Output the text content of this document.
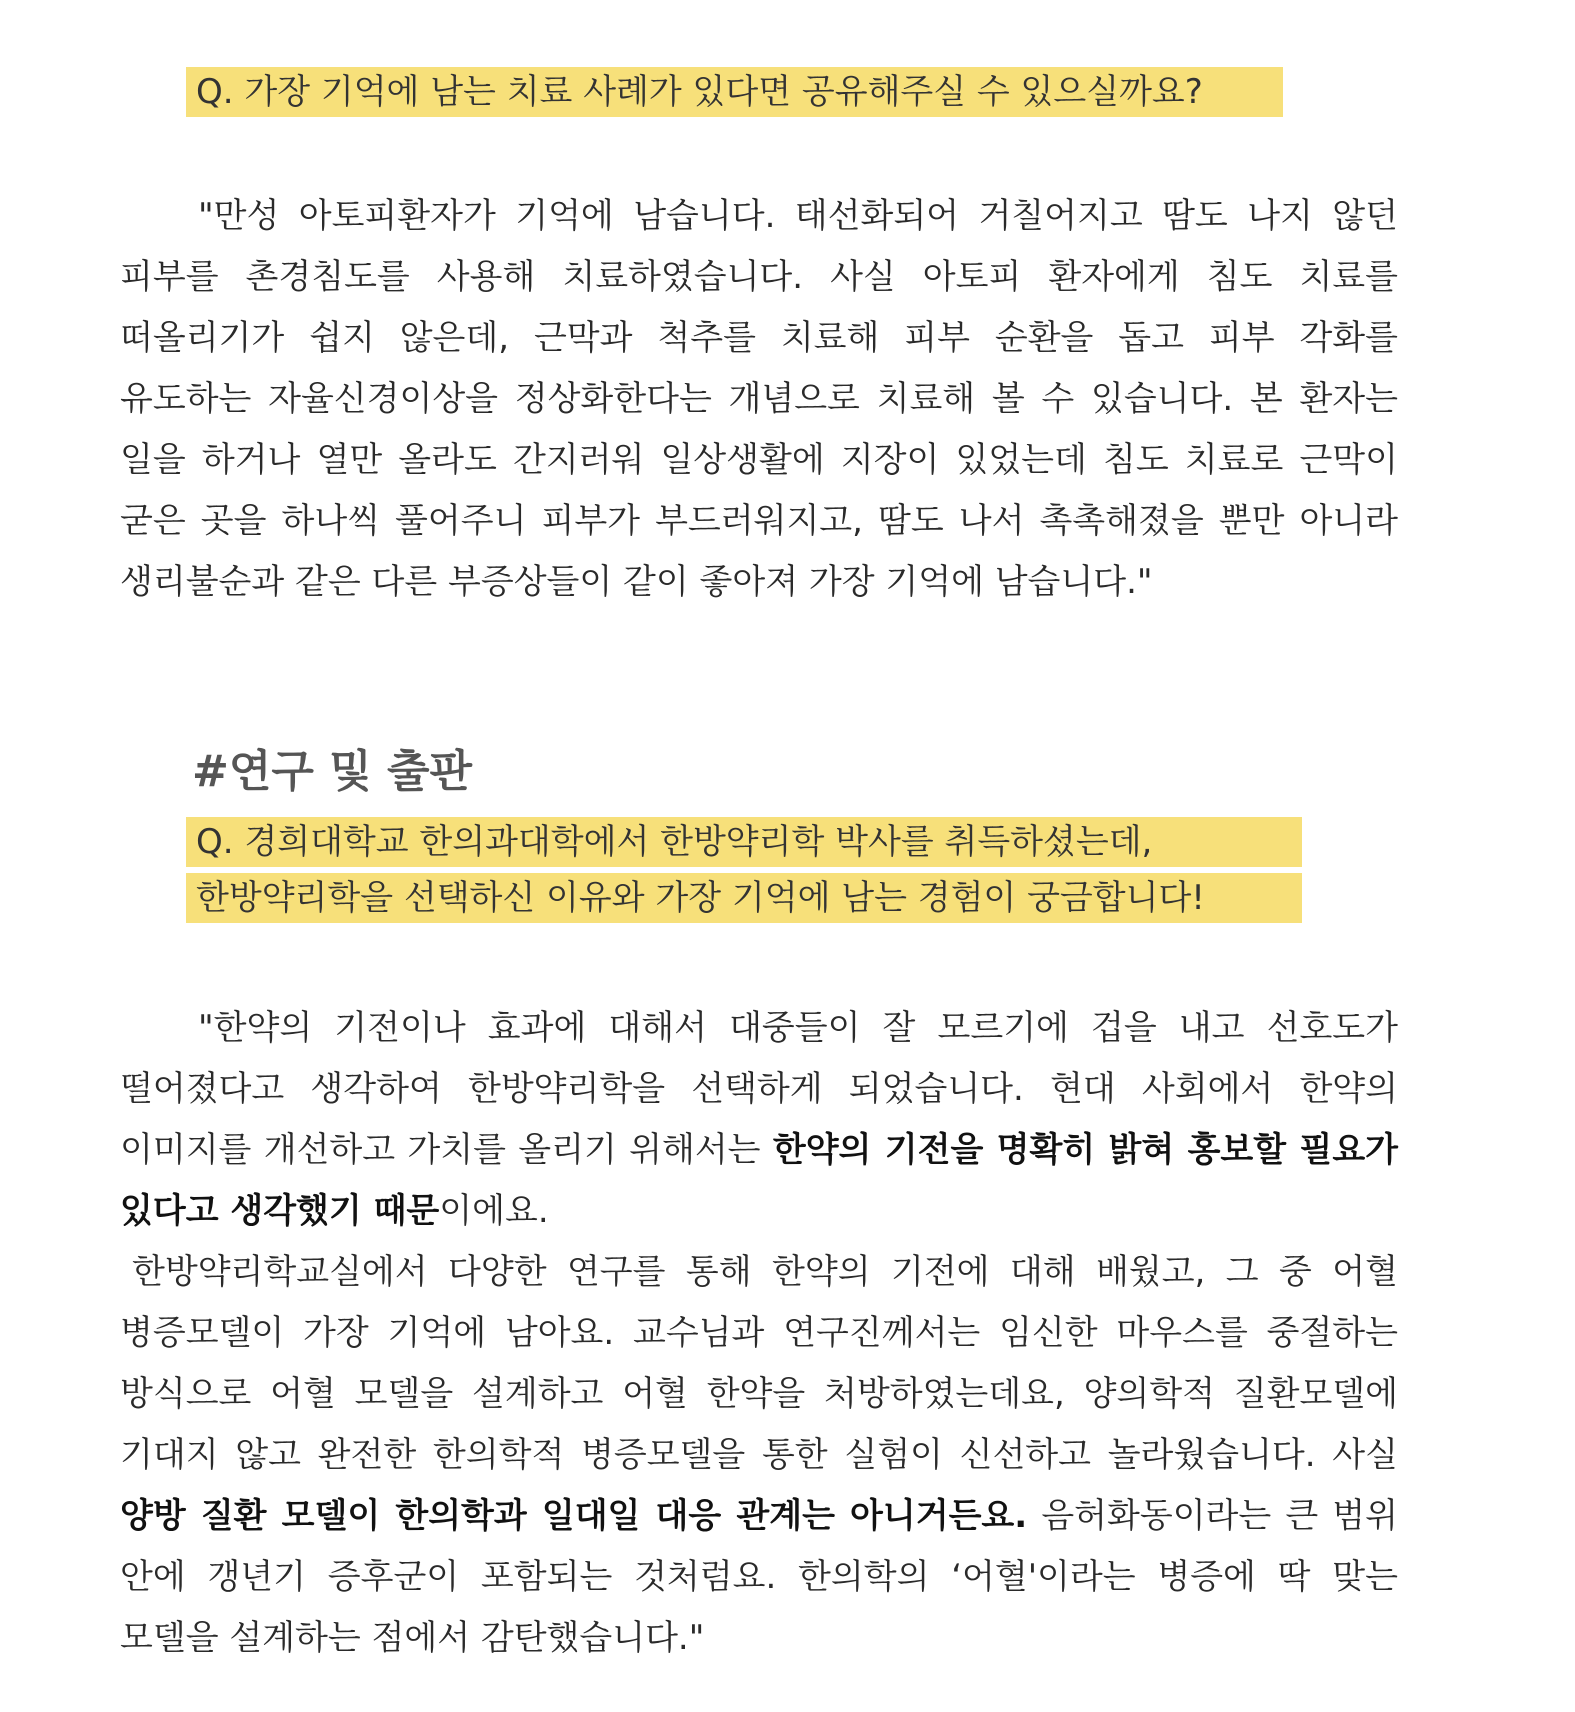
Q. 가장 기억에 남는 치료 사례가 있다면 공유해주실 수 있으실까요?

"만성 아토피환자가 기억에 남습니다. 태선화되어 거칠어지고 땀도 나지 않던 피부를 촌경침도를 사용해 치료하였습니다. 사실 아토피 환자에게 침도 치료를 떠올리기가 쉽지 않은데, 근막과 척추를 치료해 피부 순환을 돕고 피부 각화를 유도하는 자율신경이상을 정상화한다는 개념으로 치료해 볼 수 있습니다. 본 환자는 일을 하거나 열만 올라도 간지러워 일상생활에 지장이 있었는데 침도 치료로 근막이 굳은 곳을 하나씩 풀어주니 피부가 부드러워지고, 땀도 나서 촉촉해졌을 뿐만 아니라 생리불순과 같은 다른 부증상들이 같이 좋아져 가장 기억에 남습니다."

#연구 및 출판
Q. 경희대학교 한의과대학에서 한방약리학 박사를 취득하셨는데,
한방약리학을 선택하신 이유와 가장 기억에 남는 경험이 궁금합니다!
"한약의 기전이나 효과에 대해서 대중들이 잘 모르기에 겁을 내고 선호도가 떨어졌다고 생각하여 한방약리학을 선택하게 되었습니다. 현대 사회에서 한약의 이미지를 개선하고 가치를 올리기 위해서는 한약의 기전을 명확히 밝혀 홍보할 필요가 있다고 생각했기 때문이에요.
한방약리학교실에서 다양한 연구를 통해 한약의 기전에 대해 배웠고, 그 중 어혈 병증모델이 가장 기억에 남아요. 교수님과 연구진께서는 임신한 마우스를 중절하는 방식으로 어혈 모델을 설계하고 어혈 한약을 처방하였는데요, 양의학적 질환모델에 기대지 않고 완전한 한의학적 병증모델을 통한 실험이 신선하고 놀라웠습니다. 사실 양방 질환 모델이 한의학과 일대일 대응 관계는 아니거든요. 음허화동이라는 큰 범위 안에 갱년기 증후군이 포함되는 것처럼요. 한의학의 ‘어혈'이라는 병증에 딱 맞는 모델을 설계하는 점에서 감탄했습니다."
